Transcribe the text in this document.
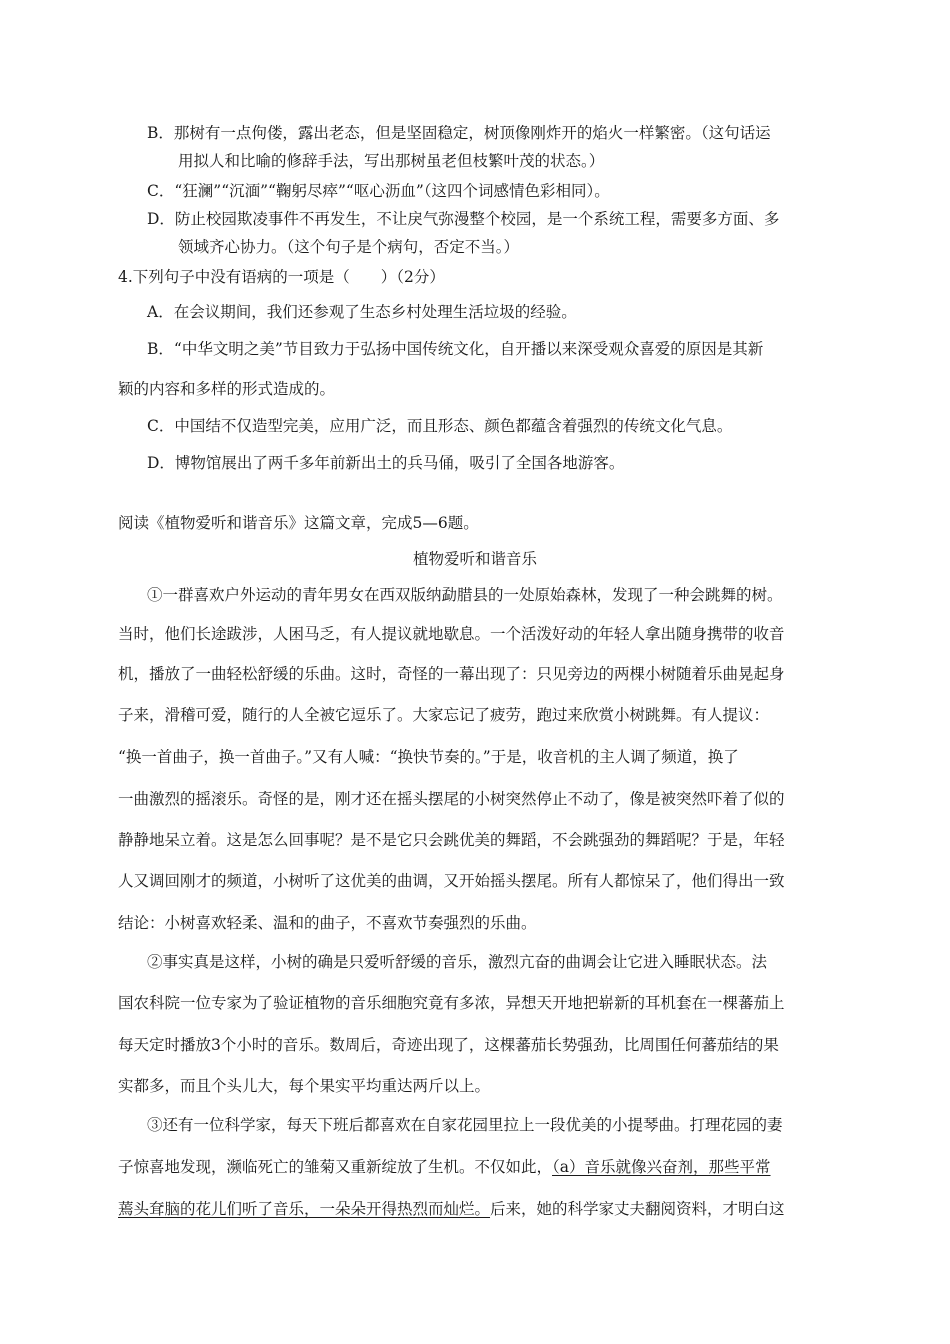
B．那树有一点佝偻，露出老态，但是坚固稳定，树顶像刚炸开的焰火一样繁密。（这句话运
用拟人和比喻的修辞手法，写出那树虽老但枝繁叶茂的状态。）
C．“狂澜”“沉湎”“鞠躬尽瘁”“呕心沥血”（这四个词感情色彩相同）。
D．防止校园欺凌事件不再发生，不让戾气弥漫整个校园，是一个系统工程，需要多方面、多
领域齐心协力。（这个句子是个病句，否定不当。）
4.下列句子中没有语病的一项是（　　）（2分）
A．在会议期间，我们还参观了生态乡村处理生活垃圾的经验。
B．“中华文明之美”节目致力于弘扬中国传统文化，自开播以来深受观众喜爱的原因是其新
颖的内容和多样的形式造成的。
C．中国结不仅造型完美，应用广泛，而且形态、颜色都蕴含着强烈的传统文化气息。
D．博物馆展出了两千多年前新出土的兵马俑，吸引了全国各地游客。
阅读《植物爱听和谐音乐》这篇文章，完成5—6题。
植物爱听和谐音乐
①一群喜欢户外运动的青年男女在西双版纳勐腊县的一处原始森林，发现了一种会跳舞的树。
当时，他们长途跋涉，人困马乏，有人提议就地歇息。一个活泼好动的年轻人拿出随身携带的收音
机，播放了一曲轻松舒缓的乐曲。这时，奇怪的一幕出现了：只见旁边的两棵小树随着乐曲晃起身
子来，滑稽可爱，随行的人全被它逗乐了。大家忘记了疲劳，跑过来欣赏小树跳舞。有人提议：
“换一首曲子，换一首曲子。”又有人喊：“换快节奏的。”于是，收音机的主人调了频道，换了
一曲激烈的摇滚乐。奇怪的是，刚才还在摇头摆尾的小树突然停止不动了，像是被突然吓着了似的
静静地呆立着。这是怎么回事呢？是不是它只会跳优美的舞蹈，不会跳强劲的舞蹈呢？于是，年轻
人又调回刚才的频道，小树听了这优美的曲调，又开始摇头摆尾。所有人都惊呆了，他们得出一致
结论：小树喜欢轻柔、温和的曲子，不喜欢节奏强烈的乐曲。
②事实真是这样，小树的确是只爱听舒缓的音乐，激烈亢奋的曲调会让它进入睡眠状态。法
国农科院一位专家为了验证植物的音乐细胞究竟有多浓，异想天开地把崭新的耳机套在一棵蕃茄上
每天定时播放3个小时的音乐。数周后，奇迹出现了，这棵蕃茄长势强劲，比周围任何蕃茄结的果
实都多，而且个头儿大，每个果实平均重达两斤以上。
③还有一位科学家，每天下班后都喜欢在自家花园里拉上一段优美的小提琴曲。打理花园的妻
子惊喜地发现，濒临死亡的雏菊又重新绽放了生机。不仅如此，（a）音乐就像兴奋剂，那些平常
蔫头耷脑的花儿们听了音乐，一朵朵开得热烈而灿烂。后来，她的科学家丈夫翻阅资料，才明白这
